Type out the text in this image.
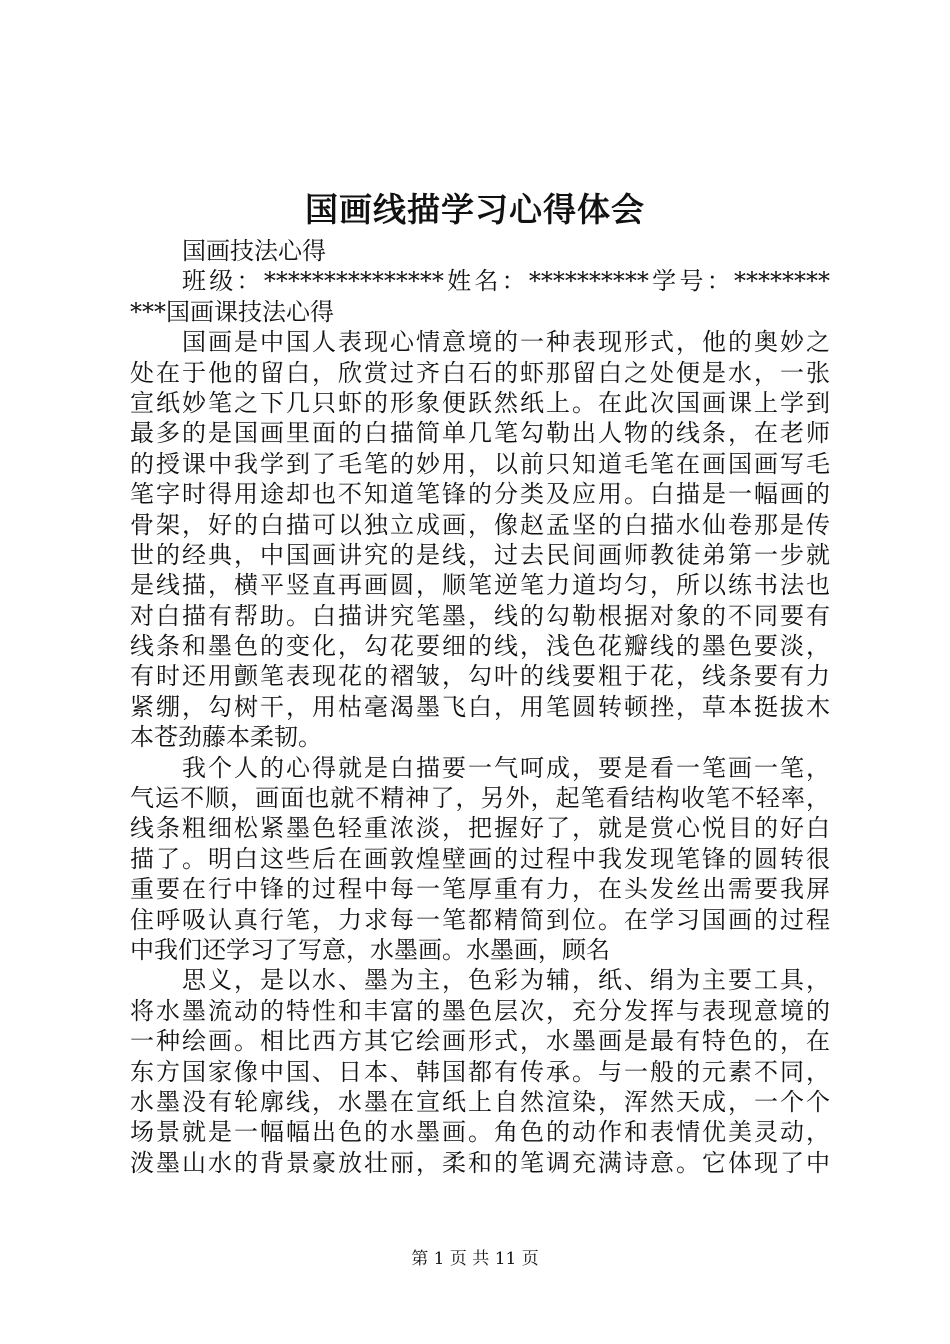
国画线描学习心得体会
国画技法心得
班级：***************姓名：**********学号：********
***国画课技法心得
国画是中国人表现心情意境的一种表现形式，他的奥妙之
处在于他的留白，欣赏过齐白石的虾那留白之处便是水，一张
宣纸妙笔之下几只虾的形象便跃然纸上。在此次国画课上学到
最多的是国画里面的白描简单几笔勾勒出人物的线条，在老师
的授课中我学到了毛笔的妙用，以前只知道毛笔在画国画写毛
笔字时得用途却也不知道笔锋的分类及应用。白描是一幅画的
骨架，好的白描可以独立成画，像赵孟坚的白描水仙卷那是传
世的经典，中国画讲究的是线，过去民间画师教徒弟第一步就
是线描，横平竖直再画圆，顺笔逆笔力道均匀，所以练书法也
对白描有帮助。白描讲究笔墨，线的勾勒根据对象的不同要有
线条和墨色的变化，勾花要细的线，浅色花瓣线的墨色要淡，
有时还用颤笔表现花的褶皱，勾叶的线要粗于花，线条要有力
紧绷，勾树干，用枯毫渴墨飞白，用笔圆转顿挫，草本挺拔木
本苍劲藤本柔韧。
我个人的心得就是白描要一气呵成，要是看一笔画一笔，
气运不顺，画面也就不精神了，另外，起笔看结构收笔不轻率，
线条粗细松紧墨色轻重浓淡，把握好了，就是赏心悦目的好白
描了。明白这些后在画敦煌壁画的过程中我发现笔锋的圆转很
重要在行中锋的过程中每一笔厚重有力，在头发丝出需要我屏
住呼吸认真行笔，力求每一笔都精简到位。在学习国画的过程
中我们还学习了写意，水墨画。水墨画，顾名
思义，是以水、墨为主，色彩为辅，纸、绢为主要工具，
将水墨流动的特性和丰富的墨色层次，充分发挥与表现意境的
一种绘画。相比西方其它绘画形式，水墨画是最有特色的，在
东方国家像中国、日本、韩国都有传承。与一般的元素不同，
水墨没有轮廓线，水墨在宣纸上自然渲染，浑然天成，一个个
场景就是一幅幅出色的水墨画。角色的动作和表情优美灵动，
泼墨山水的背景豪放壮丽，柔和的笔调充满诗意。它体现了中
第 1 页 共 11 页
